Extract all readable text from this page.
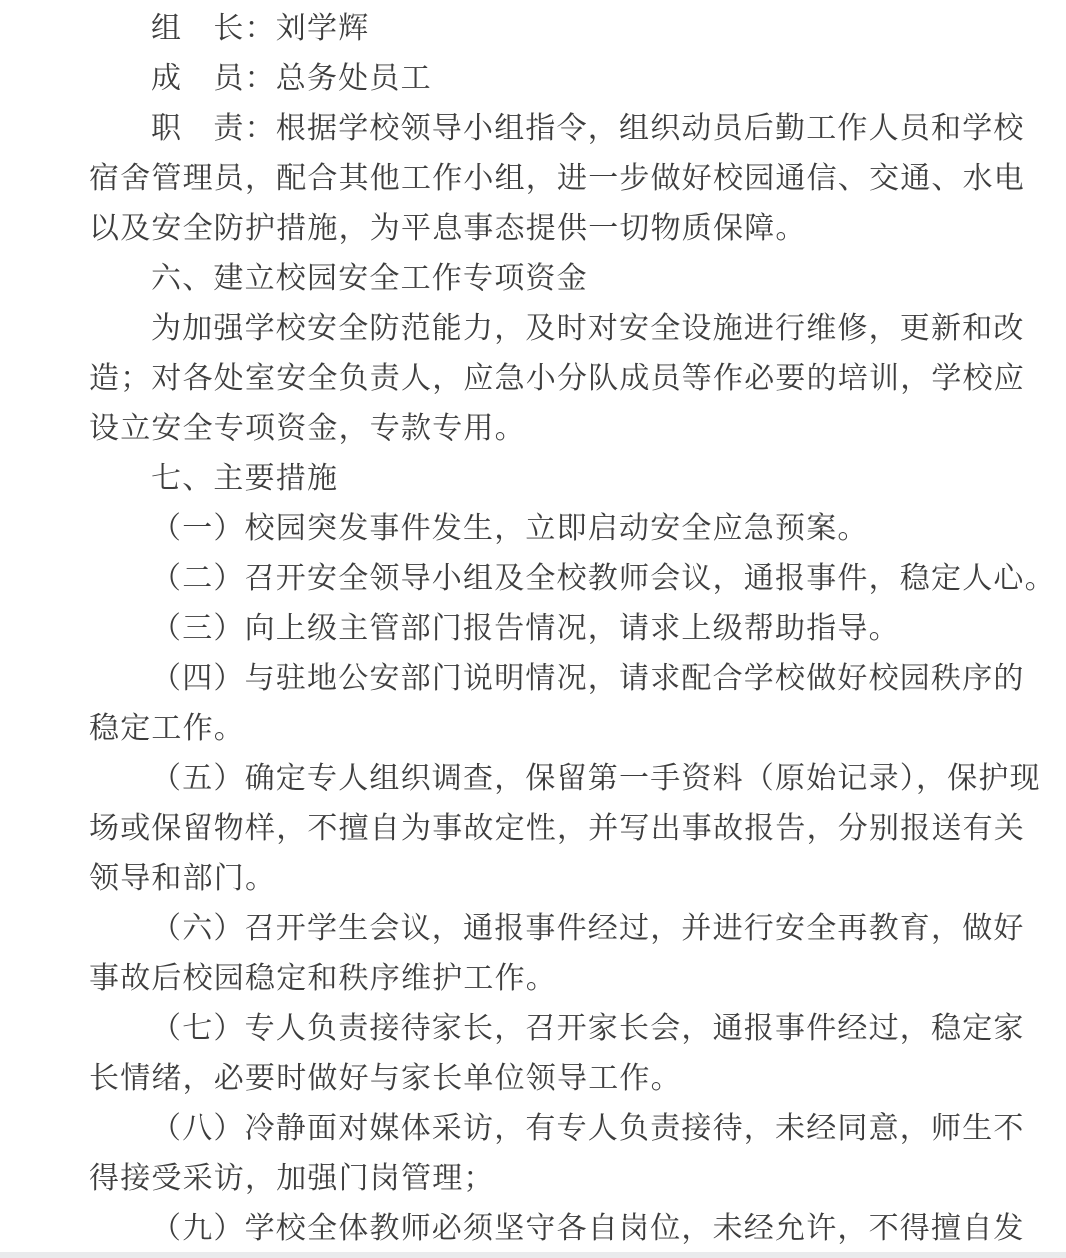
组　长：刘学辉
成　员：总务处员工
职　责：根据学校领导小组指令，组织动员后勤工作人员和学校
宿舍管理员，配合其他工作小组，进一步做好校园通信、交通、水电
以及安全防护措施，为平息事态提供一切物质保障。
六、建立校园安全工作专项资金
为加强学校安全防范能力，及时对安全设施进行维修，更新和改
造；对各处室安全负责人，应急小分队成员等作必要的培训，学校应
设立安全专项资金，专款专用。
七、主要措施
（一）校园突发事件发生，立即启动安全应急预案。
（二）召开安全领导小组及全校教师会议，通报事件，稳定人心。
（三）向上级主管部门报告情况，请求上级帮助指导。
（四）与驻地公安部门说明情况，请求配合学校做好校园秩序的
稳定工作。
（五）确定专人组织调查，保留第一手资料（原始记录），保护现
场或保留物样，不擅自为事故定性，并写出事故报告，分别报送有关
领导和部门。
（六）召开学生会议，通报事件经过，并进行安全再教育，做好
事故后校园稳定和秩序维护工作。
（七）专人负责接待家长，召开家长会，通报事件经过，稳定家
长情绪，必要时做好与家长单位领导工作。
（八）冷静面对媒体采访，有专人负责接待，未经同意，师生不
得接受采访，加强门岗管理；
（九）学校全体教师必须坚守各自岗位，未经允许，不得擅自发
